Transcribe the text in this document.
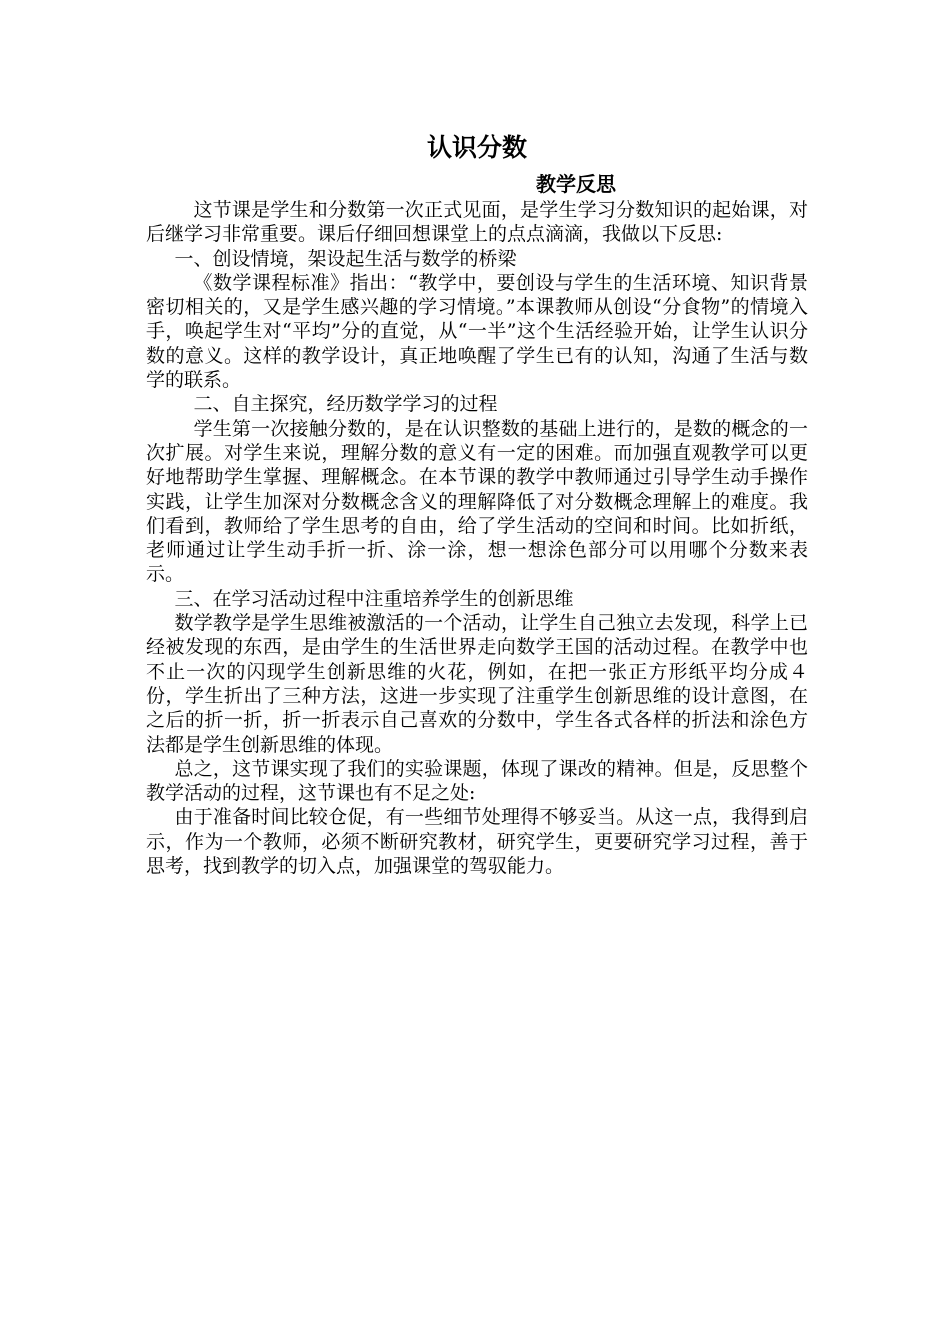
认识分数
教学反思

这节课是学生和分数第一次正式见面，是学生学习分数知识的起始课，对后继学习非常重要。课后仔细回想课堂上的点点滴滴，我做以下反思:

一、创设情境，架设起生活与数学的桥梁

《数学课程标准》指出：“教学中，要创设与学生的生活环境、知识背景密切相关的，又是学生感兴趣的学习情境。”本课教师从创设“分食物”的情境入手，唤起学生对“平均”分的直觉，从“一半”这个生活经验开始，让学生认识分数的意义。这样的教学设计，真正地唤醒了学生已有的认知，沟通了生活与数学的联系。

二、自主探究，经历数学学习的过程

学生第一次接触分数的，是在认识整数的基础上进行的，是数的概念的一次扩展。对学生来说，理解分数的意义有一定的困难。而加强直观教学可以更好地帮助学生掌握、理解概念。在本节课的教学中教师通过引导学生动手操作实践，让学生加深对分数概念含义的理解降低了对分数概念理解上的难度。我们看到，教师给了学生思考的自由，给了学生活动的空间和时间。比如折纸，老师通过让学生动手折一折、涂一涂，想一想涂色部分可以用哪个分数来表示。

三、在学习活动过程中注重培养学生的创新思维

数学教学是学生思维被激活的一个活动，让学生自己独立去发现，科学上已经被发现的东西，是由学生的生活世界走向数学王国的活动过程。在教学中也不止一次的闪现学生创新思维的火花，例如，在把一张正方形纸平均分成４份，学生折出了三种方法，这进一步实现了注重学生创新思维的设计意图，在之后的折一折，折一折表示自己喜欢的分数中，学生各式各样的折法和涂色方法都是学生创新思维的体现。

总之，这节课实现了我们的实验课题，体现了课改的精神。但是，反思整个教学活动的过程，这节课也有不足之处:

由于准备时间比较仓促，有一些细节处理得不够妥当。从这一点，我得到启示，作为一个教师，必须不断研究教材，研究学生，更要研究学习过程，善于思考，找到教学的切入点，加强课堂的驾驭能力。
